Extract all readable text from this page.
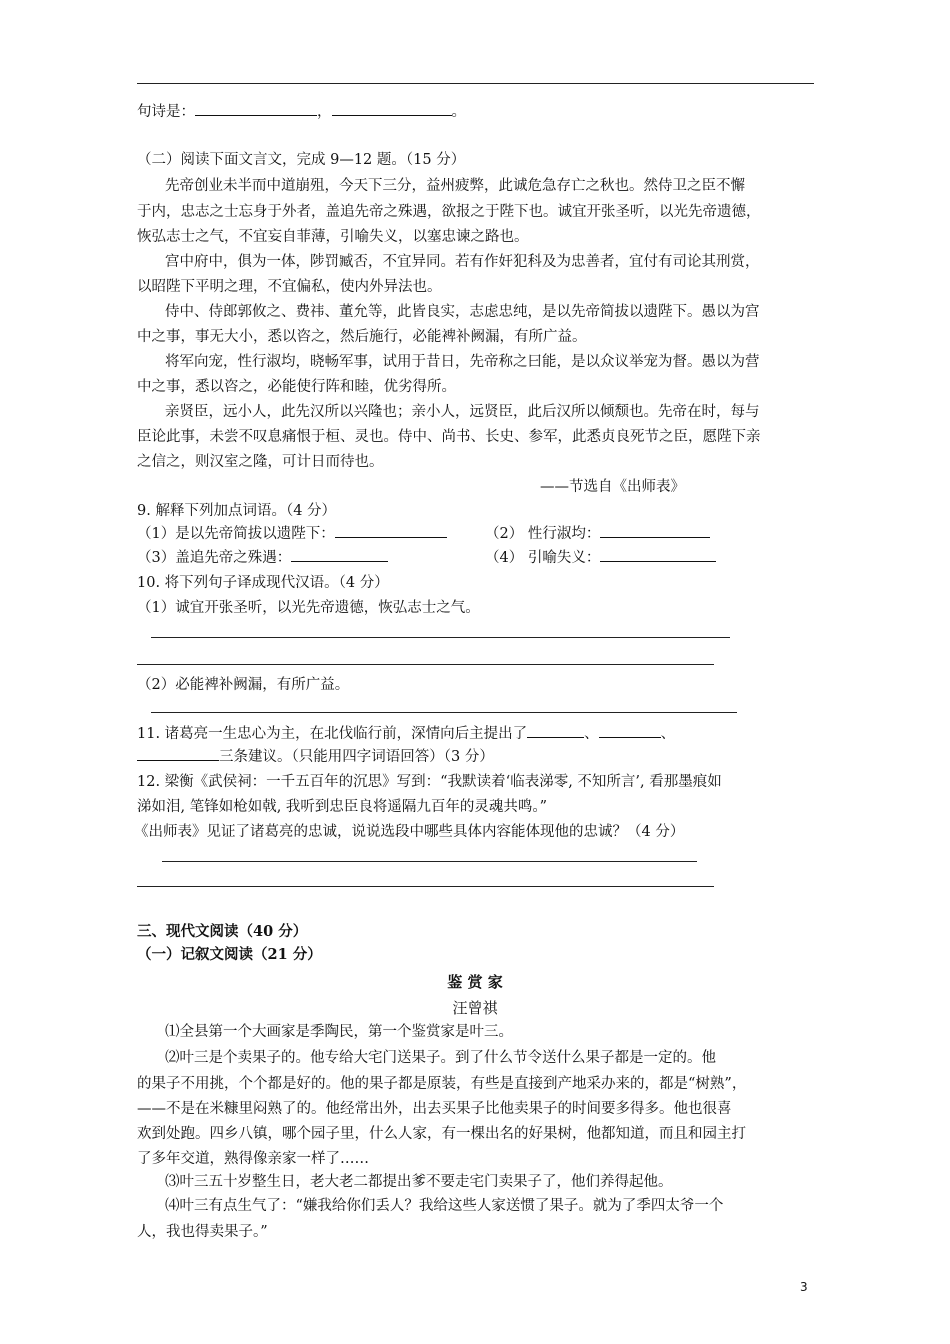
句诗是：	，	。
（二）阅读下面文言文，完成 9—12 题。（15 分）
先帝创业未半而中道崩殂，今天下三分，益州疲弊，此诚危急存亡之秋也。然侍卫之臣不懈
于内，忠志之士忘身于外者，盖追先帝之殊遇，欲报之于陛下也。诚宜开张圣听，以光先帝遗德，
恢弘志士之气，不宜妄自菲薄，引喻失义，以塞忠谏之路也。
宫中府中，俱为一体，陟罚臧否，不宜异同。若有作奸犯科及为忠善者，宜付有司论其刑赏，
以昭陛下平明之理，不宜偏私，使内外异法也。
侍中、侍郎郭攸之、费祎、董允等，此皆良实，志虑忠纯，是以先帝简拔以遗陛下。愚以为宫
中之事，事无大小，悉以咨之，然后施行，必能裨补阙漏，有所广益。
将军向宠，性行淑均，晓畅军事，试用于昔日，先帝称之曰能，是以众议举宠为督。愚以为营
中之事，悉以咨之，必能使行阵和睦，优劣得所。
亲贤臣，远小人，此先汉所以兴隆也；亲小人，远贤臣，此后汉所以倾颓也。先帝在时，每与
臣论此事，未尝不叹息痛恨于桓、灵也。侍中、尚书、长史、参军，此悉贞良死节之臣，愿陛下亲
之信之，则汉室之隆，可计日而待也。
——节选自《出师表》
9. 解释下列加点词语。（4 分）
（1）是以先帝简拔以遗陛下：	（2） 性行淑均：
（3）盖追先帝之殊遇：	（4） 引喻失义：
10. 将下列句子译成现代汉语。（4 分）
（1）诚宜开张圣听，以光先帝遗德，恢弘志士之气。
（2）必能裨补阙漏，有所广益。
11. 诸葛亮一生忠心为主，在北伐临行前，深情向后主提出了	、	、
三条建议。（只能用四字词语回答）（3 分）
12. 梁衡《武侯祠：一千五百年的沉思》写到：“我默读着‘临表涕零, 不知所言’, 看那墨痕如
涕如泪, 笔锋如枪如戟, 我听到忠臣良将遥隔九百年的灵魂共鸣。”
《出师表》见证了诸葛亮的忠诚，说说选段中哪些具体内容能体现他的忠诚？（4 分）
三、现代文阅读（40 分）
（一）记叙文阅读（21 分）
鉴 赏 家
汪曾祺
⑴全县第一个大画家是季陶民，第一个鉴赏家是叶三。
⑵叶三是个卖果子的。他专给大宅门送果子。到了什么节令送什么果子都是一定的。他
的果子不用挑，个个都是好的。他的果子都是原装，有些是直接到产地采办来的，都是“树熟”，
——不是在米糠里闷熟了的。他经常出外，出去买果子比他卖果子的时间要多得多。他也很喜
欢到处跑。四乡八镇，哪个园子里，什么人家，有一棵出名的好果树，他都知道，而且和园主打
了多年交道，熟得像亲家一样了……
⑶叶三五十岁整生日，老大老二都提出爹不要走宅门卖果子了，他们养得起他。
⑷叶三有点生气了：“嫌我给你们丢人？我给这些人家送惯了果子。就为了季四太爷一个
人，我也得卖果子。”
3
